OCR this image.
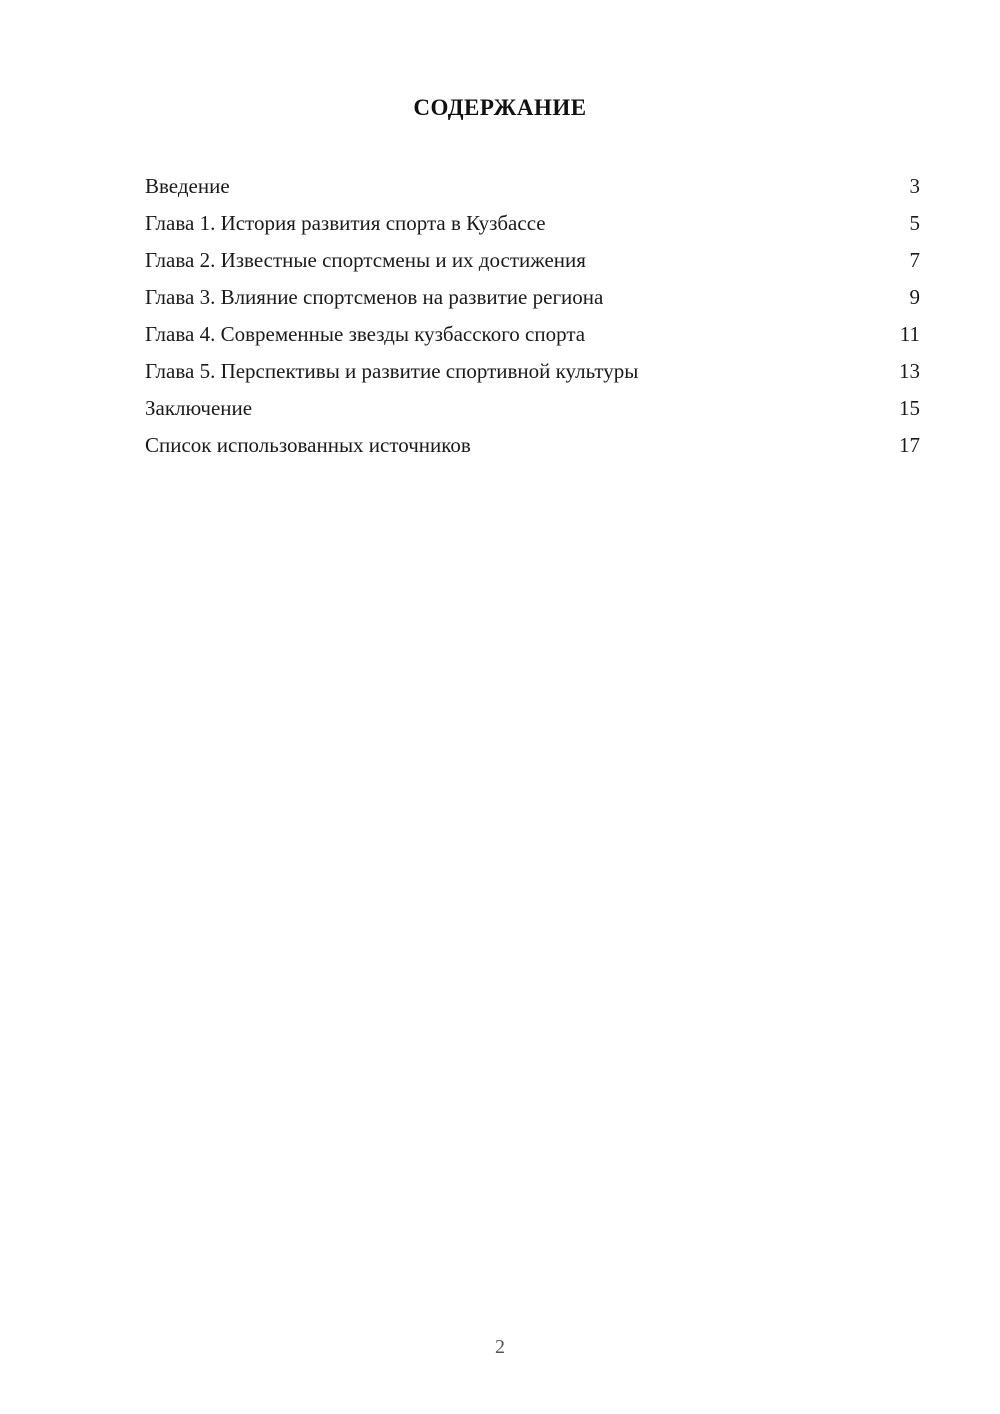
СОДЕРЖАНИЕ
Введение	3
Глава 1. История развития спорта в Кузбассе	5
Глава 2. Известные спортсмены и их достижения	7
Глава 3. Влияние спортсменов на развитие региона	9
Глава 4. Современные звезды кузбасского спорта	11
Глава 5. Перспективы и развитие спортивной культуры	13
Заключение	15
Список использованных источников	17
2
